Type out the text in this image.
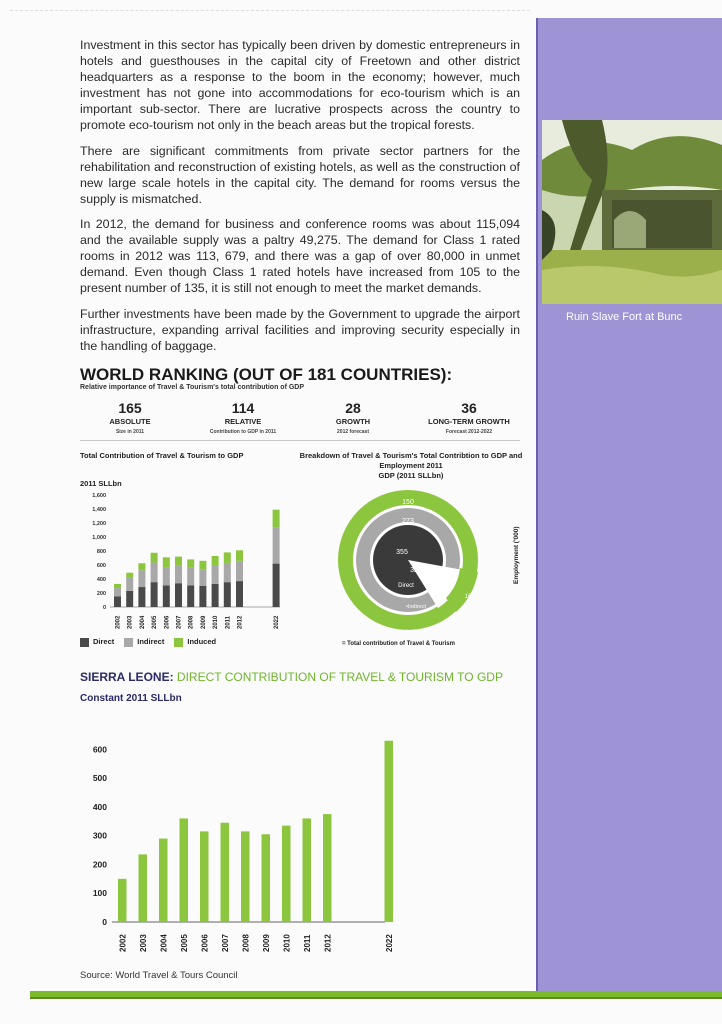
Ruin Slave Fort at Bunc

Investment in this sector has typically been driven by domestic entrepreneurs in hotels and guesthouses in the capital city of Freetown and other district headquarters as a response to the boom in the economy; however, much investment has not gone into accommodations for eco-tourism which is an important sub-sector. There are lucrative prospects across the country to promote eco-tourism not only in the beach areas but the tropical forests.

There are significant commitments from private sector partners for the rehabilitation and reconstruction of existing hotels, as well as the construction of new large scale hotels in the capital city. The demand for rooms versus the supply is mismatched.

In 2012, the demand for business and conference rooms was about 115,094 and the available supply was a paltry 49,275. The demand for Class 1 rated rooms in 2012 was 113, 679, and there was a gap of over 80,000 in unmet demand. Even though Class 1 rated hotels have increased from 105 to the present number of 135, it is still not enough to meet the market demands.

Further investments have been made by the Government to upgrade the airport infrastructure, expanding arrival facilities and improving security especially in the handling of baggage.

WORLD RANKING (OUT OF 181 COUNTRIES):
Relative importance of Travel & Tourism's total contribution of GDP
165
ABSOLUTE
Size in 2011
114
RELATIVE
Contribution to GDP in 2011
28
GROWTH
2012 forecast
36
LONG-TERM GROWTH
Forecast 2012-2022
Total Contribution of Travel & Tourism to GDP
2011 SLLbn
0
200
400
600
800
1,000
1,200
1,400
1,600
2002 2003 2004 2005 2006 2007 2008 2009 2010 2011 2012	2022
Direct	Indirect	Induced
Breakdown of Travel & Tourism's Total Contribtion to GDP and Employment 2011
GDP (2011 SLLbn)
150
273
355
32
Direct
25
16
•Indirect
•Induced
Employment ('000)
= Total contribution of Travel & Tourism
SIERRA LEONE: DIRECT CONTRIBUTION OF TRAVEL & TOURISM TO GDP
Constant 2011 SLLbn
0
100
200
300
400
500
600
2002 2003 2004 2005 2006 2007 2008 2009 2010 2011 2012	2022
Source: World Travel & Tours Council
